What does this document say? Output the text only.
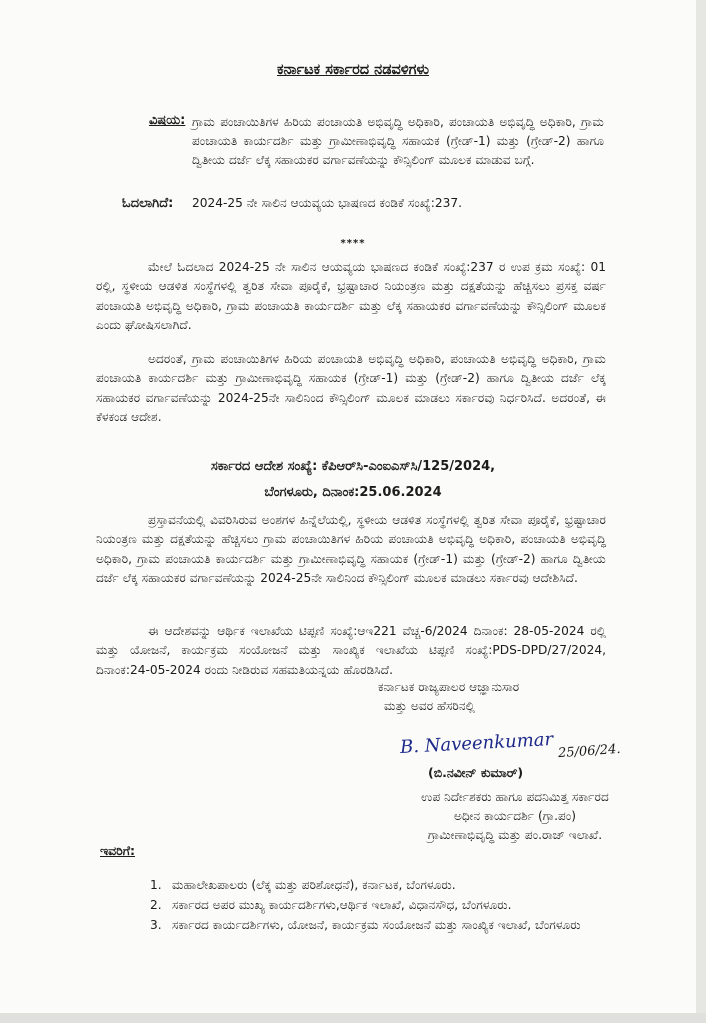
ಕರ್ನಾಟಕ ಸರ್ಕಾರದ ನಡವಳಿಗಳು
ವಿಷಯ: ಗ್ರಾಮ ಪಂಚಾಯಿತಿಗಳ ಹಿರಿಯ ಪಂಚಾಯತಿ ಅಭಿವೃದ್ಧಿ ಅಧಿಕಾರಿ, ಪಂಚಾಯತಿ ಅಭಿವೃದ್ಧಿ ಅಧಿಕಾರಿ, ಗ್ರಾಮ ಪಂಚಾಯತಿ ಕಾರ್ಯದರ್ಶಿ ಮತ್ತು ಗ್ರಾಮೀಣಾಭಿವೃದ್ಧಿ ಸಹಾಯಕ (ಗ್ರೇಡ್-1) ಮತ್ತು (ಗ್ರೇಡ್-2) ಹಾಗೂ ದ್ವಿತೀಯ ದರ್ಜೆ ಲೆಕ್ಕ ಸಹಾಯಕರ ವರ್ಗಾವಣೆಯನ್ನು ಕೌನ್ಸಿಲಿಂಗ್ ಮೂಲಕ ಮಾಡುವ ಬಗ್ಗೆ.
ಓದಲಾಗಿದೆ: 2024-25 ನೇ ಸಾಲಿನ ಆಯವ್ಯಯ ಭಾಷಣದ ಕಂಡಿಕೆ ಸಂಖ್ಯೆ:237.
****
ಮೇಲೆ ಓದಲಾದ 2024-25 ನೇ ಸಾಲಿನ ಆಯವ್ಯಯ ಭಾಷಣದ ಕಂಡಿಕೆ ಸಂಖ್ಯೆ:237 ರ ಉಪ ಕ್ರಮ ಸಂಖ್ಯೆ: 01 ರಲ್ಲಿ, ಸ್ಥಳೀಯ ಆಡಳಿತ ಸಂಸ್ಥೆಗಳಲ್ಲಿ ತ್ವರಿತ ಸೇವಾ ಪೂರೈಕೆ, ಭ್ರಷ್ಟಾಚಾರ ನಿಯಂತ್ರಣ ಮತ್ತು ದಕ್ಷತೆಯನ್ನು ಹೆಚ್ಚಿಸಲು ಪ್ರಸಕ್ತ ವರ್ಷ ಪಂಚಾಯತಿ ಅಭಿವೃದ್ಧಿ ಅಧಿಕಾರಿ, ಗ್ರಾಮ ಪಂಚಾಯತಿ ಕಾರ್ಯದರ್ಶಿ ಮತ್ತು ಲೆಕ್ಕ ಸಹಾಯಕರ ವರ್ಗಾವಣೆಯನ್ನು ಕೌನ್ಸಿಲಿಂಗ್ ಮೂಲಕ ಎಂದು ಘೋಷಿಸಲಾಗಿದೆ.
ಅದರಂತೆ, ಗ್ರಾಮ ಪಂಚಾಯಿತಿಗಳ ಹಿರಿಯ ಪಂಚಾಯತಿ ಅಭಿವೃದ್ಧಿ ಅಧಿಕಾರಿ, ಪಂಚಾಯತಿ ಅಭಿವೃದ್ಧಿ ಅಧಿಕಾರಿ, ಗ್ರಾಮ ಪಂಚಾಯತಿ ಕಾರ್ಯದರ್ಶಿ ಮತ್ತು ಗ್ರಾಮೀಣಾಭಿವೃದ್ಧಿ ಸಹಾಯಕ (ಗ್ರೇಡ್-1) ಮತ್ತು (ಗ್ರೇಡ್-2) ಹಾಗೂ ದ್ವಿತೀಯ ದರ್ಜೆ ಲೆಕ್ಕ ಸಹಾಯಕರ ವರ್ಗಾವಣೆಯನ್ನು 2024-25ನೇ ಸಾಲಿನಿಂದ ಕೌನ್ಸಿಲಿಂಗ್ ಮೂಲಕ ಮಾಡಲು ಸರ್ಕಾರವು ನಿರ್ಧರಿಸಿದೆ. ಅದರಂತೆ, ಈ ಕೆಳಕಂಡ ಆದೇಶ.
ಸರ್ಕಾರದ ಆದೇಶ ಸಂಖ್ಯೆ: ಕೆಪಿಆರ್‌ಸಿ-ಎಂಐಎಸ್‌ಸಿ/125/2024,
ಬೆಂಗಳೂರು, ದಿನಾಂಕ:25.06.2024
ಪ್ರಸ್ತಾವನೆಯಲ್ಲಿ ವಿವರಿಸಿರುವ ಅಂಶಗಳ ಹಿನ್ನೆಲೆಯಲ್ಲಿ, ಸ್ಥಳೀಯ ಆಡಳಿತ ಸಂಸ್ಥೆಗಳಲ್ಲಿ ತ್ವರಿತ ಸೇವಾ ಪೂರೈಕೆ, ಭ್ರಷ್ಟಾಚಾರ ನಿಯಂತ್ರಣ ಮತ್ತು ದಕ್ಷತೆಯನ್ನು ಹೆಚ್ಚಿಸಲು ಗ್ರಾಮ ಪಂಚಾಯಿತಿಗಳ ಹಿರಿಯ ಪಂಚಾಯತಿ ಅಭಿವೃದ್ಧಿ ಅಧಿಕಾರಿ, ಪಂಚಾಯತಿ ಅಭಿವೃದ್ಧಿ ಅಧಿಕಾರಿ, ಗ್ರಾಮ ಪಂಚಾಯತಿ ಕಾರ್ಯದರ್ಶಿ ಮತ್ತು ಗ್ರಾಮೀಣಾಭಿವೃದ್ಧಿ ಸಹಾಯಕ (ಗ್ರೇಡ್-1) ಮತ್ತು (ಗ್ರೇಡ್-2) ಹಾಗೂ ದ್ವಿತೀಯ ದರ್ಜೆ ಲೆಕ್ಕ ಸಹಾಯಕರ ವರ್ಗಾವಣೆಯನ್ನು 2024-25ನೇ ಸಾಲಿನಿಂದ ಕೌನ್ಸಿಲಿಂಗ್ ಮೂಲಕ ಮಾಡಲು ಸರ್ಕಾರವು ಆದೇಶಿಸಿದೆ.
ಈ ಆದೇಶವನ್ನು ಆರ್ಥಿಕ ಇಲಾಖೆಯ ಟಿಪ್ಪಣಿ ಸಂಖ್ಯೆ:ಆಇ221 ವೆಚ್ಚ-6/2024 ದಿನಾಂಕ: 28-05-2024 ರಲ್ಲಿ ಮತ್ತು ಯೋಜನೆ, ಕಾರ್ಯಕ್ರಮ ಸಂಯೋಜನೆ ಮತ್ತು ಸಾಂಖ್ಯಿಕ ಇಲಾಖೆಯ ಟಿಪ್ಪಣಿ ಸಂಖ್ಯೆ:PDS-DPD/27/2024, ದಿನಾಂಕ:24-05-2024 ರಂದು ನೀಡಿರುವ ಸಹಮತಿಯನ್ನಯ ಹೊರಡಿಸಿದೆ.
ಕರ್ನಾಟಕ ರಾಜ್ಯಪಾಲರ ಆಜ್ಞಾನುಸಾರ
ಮತ್ತು ಅವರ ಹೆಸರಿನಲ್ಲಿ
B. Naveenkumar 25/06/24.
(ಬಿ.ನವೀನ್ ಕುಮಾರ್)
ಉಪ ನಿರ್ದೇಶಕರು ಹಾಗೂ ಪದನಿಮಿತ್ತ ಸರ್ಕಾರದ
ಅಧೀನ ಕಾರ್ಯದರ್ಶಿ (ಗ್ರಾ.ಪಂ)
ಗ್ರಾಮೀಣಾಭಿವೃದ್ಧಿ ಮತ್ತು ಪಂ.ರಾಜ್ ಇಲಾಖೆ.
ಇವರಿಗೆ:
1. ಮಹಾಲೇಖಪಾಲರು (ಲೆಕ್ಕ ಮತ್ತು ಪರಿಶೋಧನೆ), ಕರ್ನಾಟಕ, ಬೆಂಗಳೂರು.
2. ಸರ್ಕಾರದ ಅಪರ ಮುಖ್ಯ ಕಾರ್ಯದರ್ಶಿಗಳು,ಆರ್ಥಿಕ ಇಲಾಖೆ, ವಿಧಾನಸೌಧ, ಬೆಂಗಳೂರು.
3. ಸರ್ಕಾರದ ಕಾರ್ಯದರ್ಶಿಗಳು, ಯೋಜನೆ, ಕಾರ್ಯಕ್ರಮ ಸಂಯೋಜನೆ ಮತ್ತು ಸಾಂಖ್ಯಿಕ ಇಲಾಖೆ, ಬೆಂಗಳೂರು
